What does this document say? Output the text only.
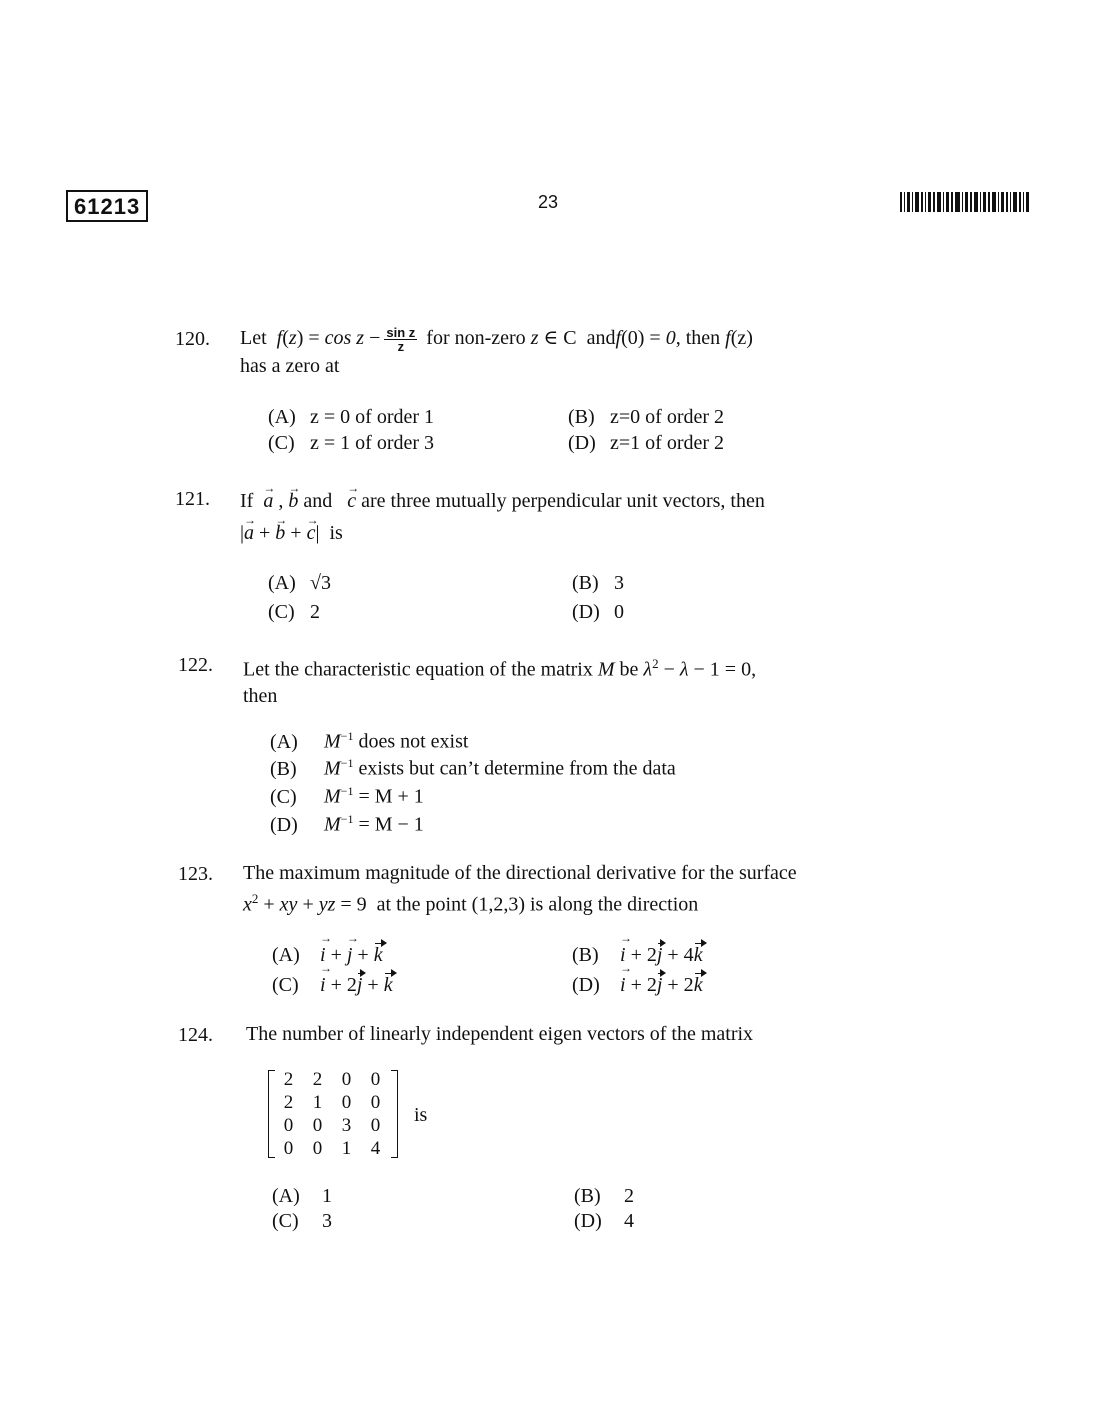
61213	23
120. Let $f(z) = \cos z - \frac{\text{sin z}}{z}$ for non-zero z ∈ C  andf(0) = 0, then f(z)
has a zero at
(A) z = 0 of order 1	(B) z=0 of order 2
(C) z = 1 of order 3	(D) z=1 of order 2
121. If → a , → b and → c are three mutually perpendicular unit vectors, then
|→ a + → b + → c|  is
(A) √3	(B) 3
(C) 2	(D) 0
122. Let the characteristic equation of the matrix M be $\lambda^2 - \lambda - 1 = 0$,
then
(A) $M^{-1}$ does not exist
(B) $M^{-1}$ exists but can’t determine from the data
(C) $M^{-1} = M + 1$
(D) $M^{-1} = M - 1$
123. The maximum magnitude of the directional derivative for the surface
$x^2$ + xy + yz = 9  at the point (1,2,3) is along the direction
(A) → i + → j + k	(B) → i + 2j + 4k
(C) → i + 2j + k	(D) → i + 2j + 2k
124. The number of linearly independent eigen vectors of the matrix
2	2	0	0
2	1	0	0
0	0	3	0
0	0	1	4
is
(A) 1	(B) 2
(C) 3	(D) 4
